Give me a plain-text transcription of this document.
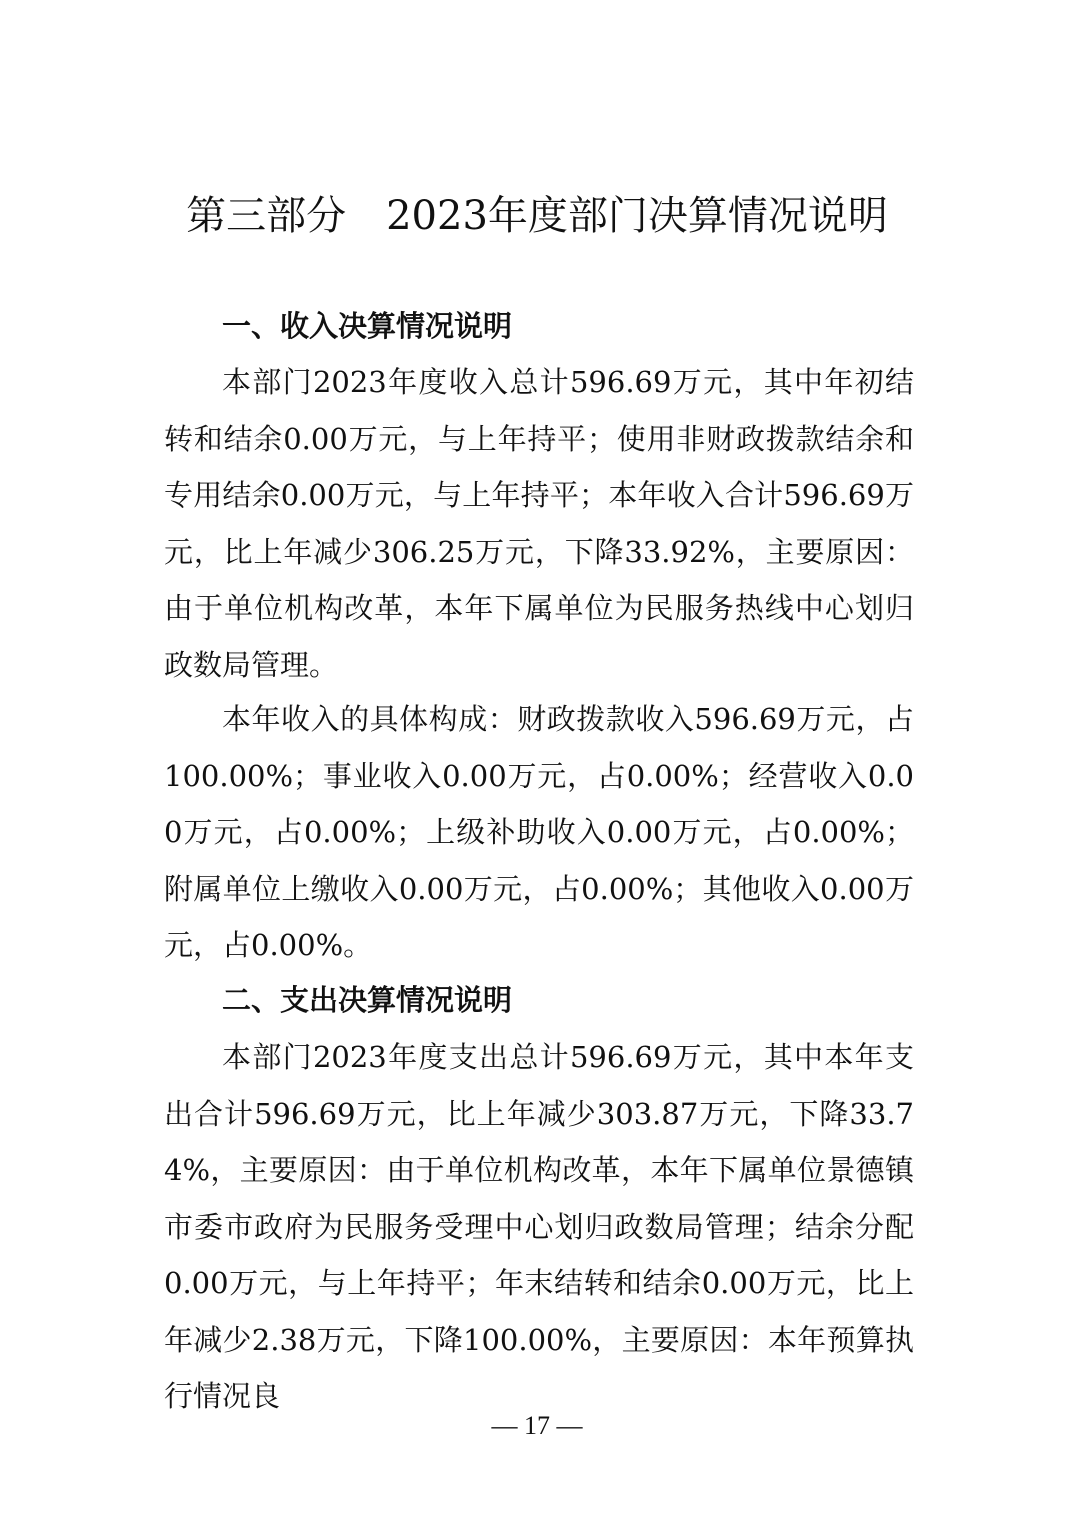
第三部分　2023年度部门决算情况说明
一、收入决算情况说明

本部门2023年度收入总计596.69万元，其中年初结转和结余0.00万元，与上年持平；使用非财政拨款结余和专用结余0.00万元，与上年持平；本年收入合计596.69万元，比上年减少306.25万元，下降33.92%，主要原因：由于单位机构改革，本年下属单位为民服务热线中心划归政数局管理。

本年收入的具体构成：财政拨款收入596.69万元，占100.00%；事业收入0.00万元，占0.00%；经营收入0.00万元，占0.00%；上级补助收入0.00万元，占0.00%；附属单位上缴收入0.00万元，占0.00%；其他收入0.00万元，占0.00%。

二、支出决算情况说明

本部门2023年度支出总计596.69万元，其中本年支出合计596.69万元，比上年减少303.87万元，下降33.74%，主要原因：由于单位机构改革，本年下属单位景德镇市委市政府为民服务受理中心划归政数局管理；结余分配0.00万元，与上年持平；年末结转和结余0.00万元，比上年减少2.38万元，下降100.00%，主要原因：本年预算执行情况良

— 17 —
